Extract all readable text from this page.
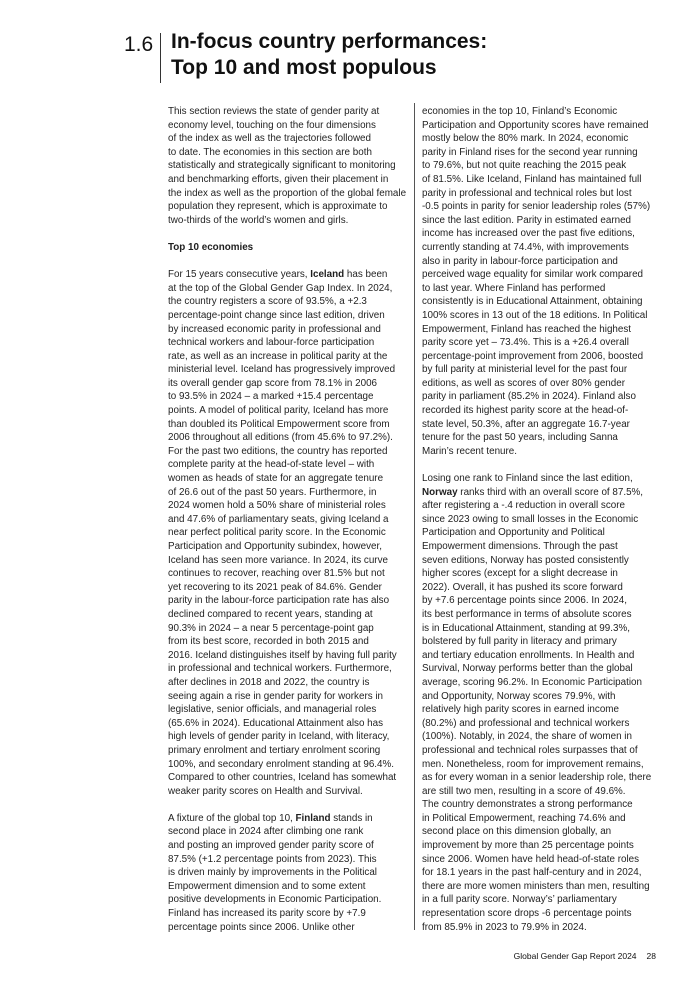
1.6 In-focus country performances:
Top 10 and most populous

This section reviews the state of gender parity at
economy level, touching on the four dimensions
of the index as well as the trajectories followed
to date. The economies in this section are both
statistically and strategically significant to monitoring
and benchmarking efforts, given their placement in
the index as well as the proportion of the global female
population they represent, which is approximate to
two-thirds of the world’s women and girls.

Top 10 economies

For 15 years consecutive years, Iceland has been
at the top of the Global Gender Gap Index. In 2024,
the country registers a score of 93.5%, a +2.3
percentage-point change since last edition, driven
by increased economic parity in professional and
technical workers and labour-force participation
rate, as well as an increase in political parity at the
ministerial level. Iceland has progressively improved
its overall gender gap score from 78.1% in 2006
to 93.5% in 2024 – a marked +15.4 percentage
points. A model of political parity, Iceland has more
than doubled its Political Empowerment score from
2006 throughout all editions (from 45.6% to 97.2%).
For the past two editions, the country has reported
complete parity at the head-of-state level – with
women as heads of state for an aggregate tenure
of 26.6 out of the past 50 years. Furthermore, in
2024 women hold a 50% share of ministerial roles
and 47.6% of parliamentary seats, giving Iceland a
near perfect political parity score. In the Economic
Participation and Opportunity subindex, however,
Iceland has seen more variance. In 2024, its curve
continues to recover, reaching over 81.5% but not
yet recovering to its 2021 peak of 84.6%. Gender
parity in the labour-force participation rate has also
declined compared to recent years, standing at
90.3% in 2024 – a near 5 percentage-point gap
from its best score, recorded in both 2015 and
2016. Iceland distinguishes itself by having full parity
in professional and technical workers. Furthermore,
after declines in 2018 and 2022, the country is
seeing again a rise in gender parity for workers in
legislative, senior officials, and managerial roles
(65.6% in 2024). Educational Attainment also has
high levels of gender parity in Iceland, with literacy,
primary enrolment and tertiary enrolment scoring
100%, and secondary enrolment standing at 96.4%.
Compared to other countries, Iceland has somewhat
weaker parity scores on Health and Survival.

A fixture of the global top 10, Finland stands in
second place in 2024 after climbing one rank
and posting an improved gender parity score of
87.5% (+1.2 percentage points from 2023). This
is driven mainly by improvements in the Political
Empowerment dimension and to some extent
positive developments in Economic Participation.
Finland has increased its parity score by +7.9
percentage points since 2006. Unlike other

economies in the top 10, Finland’s Economic
Participation and Opportunity scores have remained
mostly below the 80% mark. In 2024, economic
parity in Finland rises for the second year running
to 79.6%, but not quite reaching the 2015 peak
of 81.5%. Like Iceland, Finland has maintained full
parity in professional and technical roles but lost
-0.5 points in parity for senior leadership roles (57%)
since the last edition. Parity in estimated earned
income has increased over the past five editions,
currently standing at 74.4%, with improvements
also in parity in labour-force participation and
perceived wage equality for similar work compared
to last year. Where Finland has performed
consistently is in Educational Attainment, obtaining
100% scores in 13 out of the 18 editions. In Political
Empowerment, Finland has reached the highest
parity score yet – 73.4%. This is a +26.4 overall
percentage-point improvement from 2006, boosted
by full parity at ministerial level for the past four
editions, as well as scores of over 80% gender
parity in parliament (85.2% in 2024). Finland also
recorded its highest parity score at the head-of-
state level, 50.3%, after an aggregate 16.7-year
tenure for the past 50 years, including Sanna
Marin’s recent tenure.

Losing one rank to Finland since the last edition,
Norway ranks third with an overall score of 87.5%,
after registering a -.4 reduction in overall score
since 2023 owing to small losses in the Economic
Participation and Opportunity and Political
Empowerment dimensions. Through the past
seven editions, Norway has posted consistently
higher scores (except for a slight decrease in
2022). Overall, it has pushed its score forward
by +7.6 percentage points since 2006. In 2024,
its best performance in terms of absolute scores
is in Educational Attainment, standing at 99.3%,
bolstered by full parity in literacy and primary
and tertiary education enrollments. In Health and
Survival, Norway performs better than the global
average, scoring 96.2%. In Economic Participation
and Opportunity, Norway scores 79.9%, with
relatively high parity scores in earned income
(80.2%) and professional and technical workers
(100%). Notably, in 2024, the share of women in
professional and technical roles surpasses that of
men. Nonetheless, room for improvement remains,
as for every woman in a senior leadership role, there
are still two men, resulting in a score of 49.6%.
The country demonstrates a strong performance
in Political Empowerment, reaching 74.6% and
second place on this dimension globally, an
improvement by more than 25 percentage points
since 2006. Women have held head-of-state roles
for 18.1 years in the past half-century and in 2024,
there are more women ministers than men, resulting
in a full parity score. Norway’s’ parliamentary
representation score drops -6 percentage points
from 85.9% in 2023 to 79.9% in 2024.

Global Gender Gap Report 2024 28
